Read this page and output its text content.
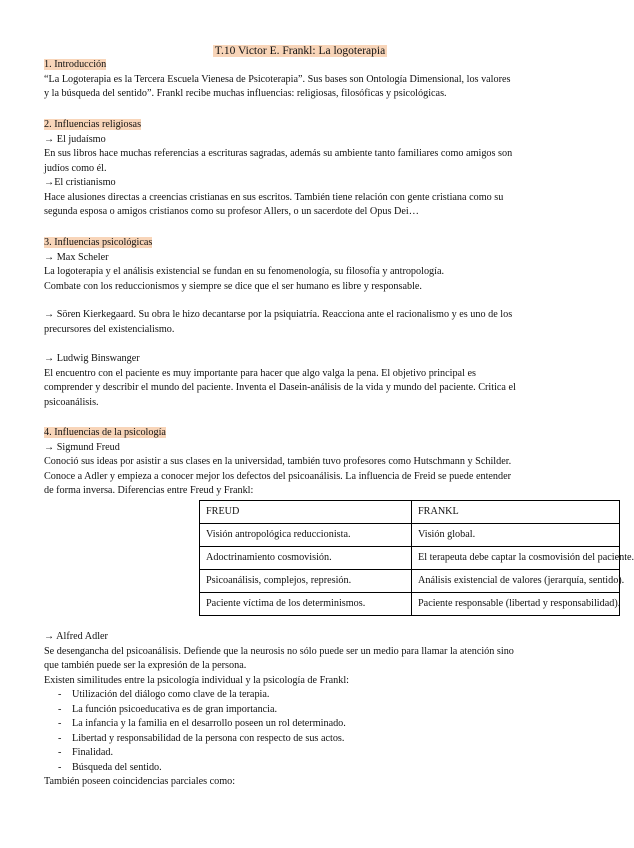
T.10 Victor E. Frankl: La logoterapia

1. Introducción

“La Logoterapia es la Tercera Escuela Vienesa de Psicoterapia”. Sus bases son Ontología Dimensional, los valores

y la búsqueda del sentido”. Frankl recibe muchas influencias: religiosas, filosóficas y psicológicas.

2. Influencias religiosas

→ El judaísmo

En sus libros hace muchas referencias a escrituras sagradas, además su ambiente tanto familiares como amigos son

judíos como él.

→El cristianismo

Hace alusiones directas a creencias cristianas en sus escritos. También tiene relación con gente cristiana como su

segunda esposa o amigos cristianos como su profesor Allers, o un sacerdote del Opus Dei…

3. Influencias psicológicas

→ Max Scheler

La logoterapia y el análisis existencial se fundan en su fenomenología, su filosofía y antropología.

Combate con los reduccionismos y siempre se dice que el ser humano es libre y responsable.

→ Sören Kierkegaard. Su obra le hizo decantarse por la psiquiatría. Reacciona ante el racionalismo y es uno de los

precursores del existencialismo.

→ Ludwig Binswanger

El encuentro con el paciente es muy importante para hacer que algo valga la pena. El objetivo principal es

comprender y describir el mundo del paciente. Inventa el Dasein-análisis de la vida y mundo del paciente. Critica el

psicoanálisis.

4. Influencias de la psicología

→ Sigmund Freud

Conoció sus ideas por asistir a sus clases en la universidad, también tuvo profesores como Hutschmann y Schilder.

Conoce a Adler y empieza a conocer mejor los defectos del psicoanálisis. La influencia de Freid se puede entender

de forma inversa. Diferencias entre Freud y Frankl:

FREUD	FRANKL
Visión antropológica reduccionista.	Visión global.
Adoctrinamiento cosmovisión.	El terapeuta debe captar la cosmovisión del paciente.
Psicoanálisis, complejos, represión.	Análisis existencial de valores (jerarquía, sentido).
Paciente víctima de los determinismos.	Paciente responsable (libertad y responsabilidad).

→ Alfred Adler

Se desengancha del psicoanálisis. Defiende que la neurosis no sólo puede ser un medio para llamar la atención sino

que también puede ser la expresión de la persona.

Existen similitudes entre la psicología individual y la psicología de Frankl:

- Utilización del diálogo como clave de la terapia.
- La función psicoeducativa es de gran importancia.
- La infancia y la familia en el desarrollo poseen un rol determinado.
- Libertad y responsabilidad de la persona con respecto de sus actos.
- Finalidad.
- Búsqueda del sentido.

También poseen coincidencias parciales como:
